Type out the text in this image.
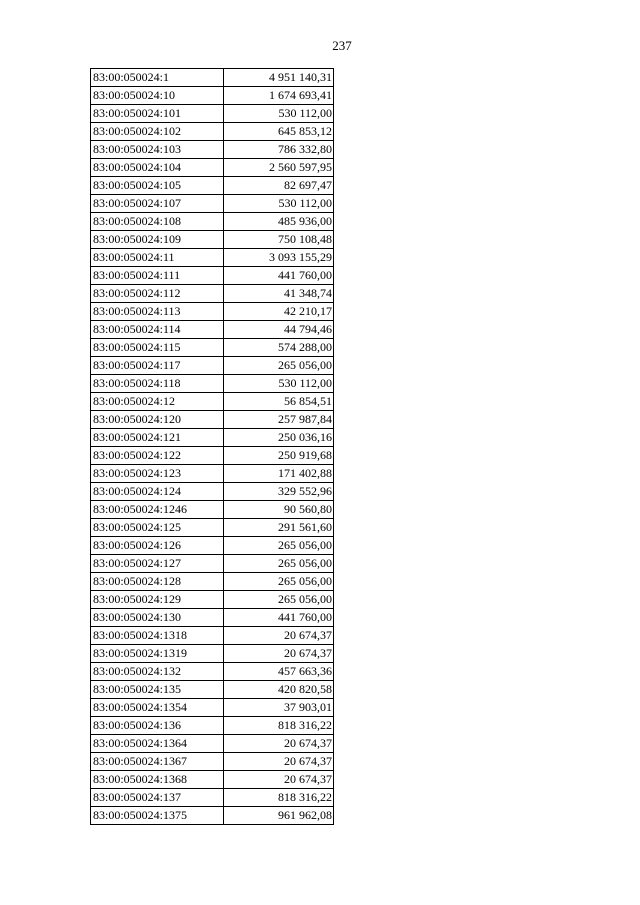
237
83:00:050024:1	4 951 140,31
83:00:050024:10	1 674 693,41
83:00:050024:101	530 112,00
83:00:050024:102	645 853,12
83:00:050024:103	786 332,80
83:00:050024:104	2 560 597,95
83:00:050024:105	82 697,47
83:00:050024:107	530 112,00
83:00:050024:108	485 936,00
83:00:050024:109	750 108,48
83:00:050024:11	3 093 155,29
83:00:050024:111	441 760,00
83:00:050024:112	41 348,74
83:00:050024:113	42 210,17
83:00:050024:114	44 794,46
83:00:050024:115	574 288,00
83:00:050024:117	265 056,00
83:00:050024:118	530 112,00
83:00:050024:12	56 854,51
83:00:050024:120	257 987,84
83:00:050024:121	250 036,16
83:00:050024:122	250 919,68
83:00:050024:123	171 402,88
83:00:050024:124	329 552,96
83:00:050024:1246	90 560,80
83:00:050024:125	291 561,60
83:00:050024:126	265 056,00
83:00:050024:127	265 056,00
83:00:050024:128	265 056,00
83:00:050024:129	265 056,00
83:00:050024:130	441 760,00
83:00:050024:1318	20 674,37
83:00:050024:1319	20 674,37
83:00:050024:132	457 663,36
83:00:050024:135	420 820,58
83:00:050024:1354	37 903,01
83:00:050024:136	818 316,22
83:00:050024:1364	20 674,37
83:00:050024:1367	20 674,37
83:00:050024:1368	20 674,37
83:00:050024:137	818 316,22
83:00:050024:1375	961 962,08
